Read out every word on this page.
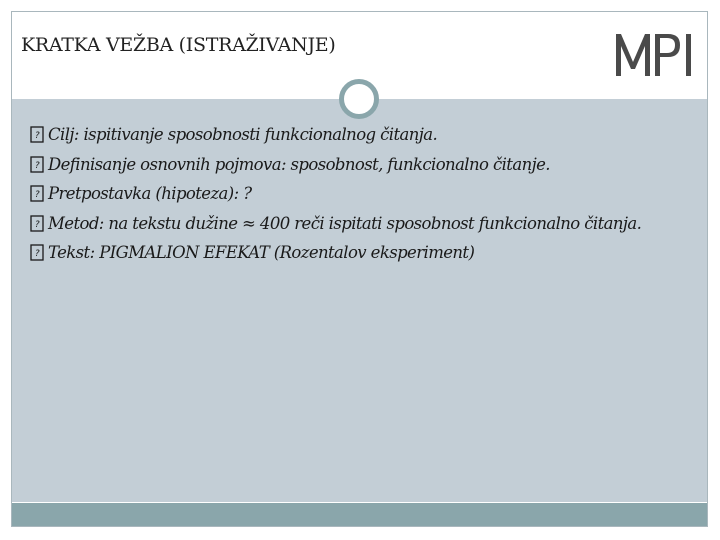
KRATKA VEŽBA (ISTRAŽIVANJE)
? Cilj: ispitivanje sposobnosti funkcionalnog čitanja.
? Definisanje osnovnih pojmova: sposobnost, funkcionalno čitanje.
? Pretpostavka (hipoteza): ?
? Metod: na tekstu dužine ≈ 400 reči ispitati sposobnost funkcionalno čitanja.
? Tekst: PIGMALION EFEKAT (Rozentalov eksperiment)
